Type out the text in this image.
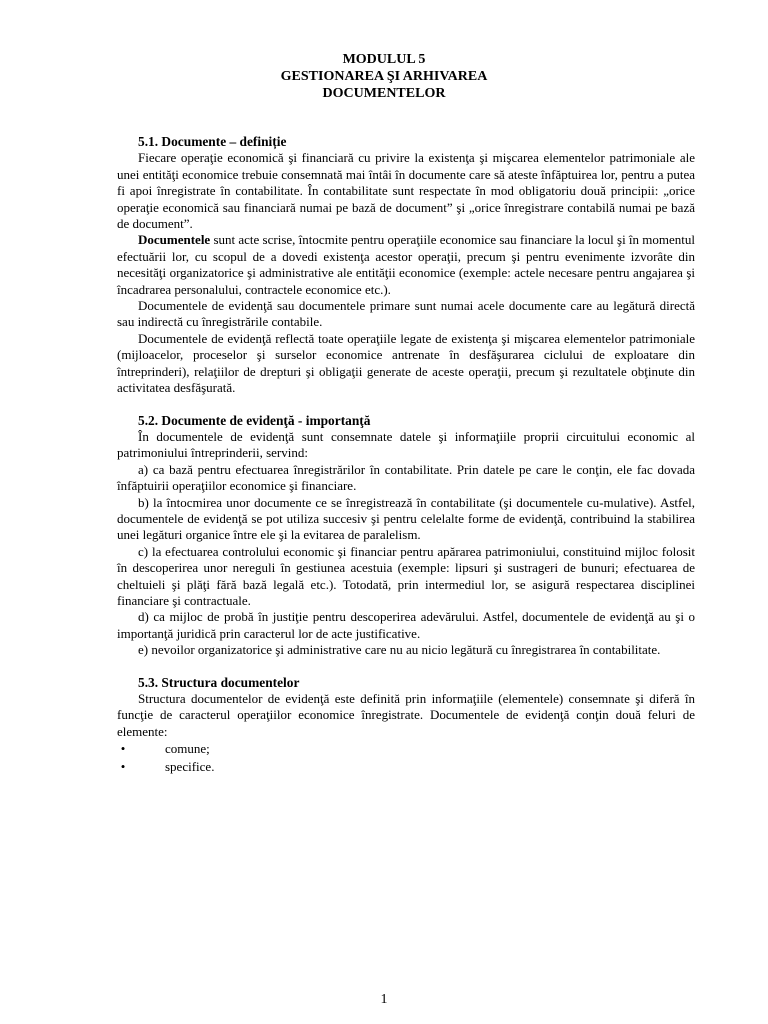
MODULUL 5
GESTIONAREA ŞI ARHIVAREA
DOCUMENTELOR
5.1. Documente – definiție

Fiecare operaţie economică şi financiară cu privire la existenţa şi mişcarea elementelor patrimoniale ale unei entităţi economice trebuie consemnată mai întâi în documente care să ateste înfăptuirea lor, pentru a putea fi apoi înregistrate în contabilitate. În contabilitate sunt respectate în mod obligatoriu două principii: „orice operaţie economică sau financiară numai pe bază de document” şi „orice înregistrare contabilă numai pe bază de document”.

Documentele sunt acte scrise, întocmite pentru operaţiile economice sau financiare la locul şi în momentul efectuării lor, cu scopul de a dovedi existenţa acestor operaţii, precum şi pentru evenimente izvorâte din necesităţi organizatorice şi administrative ale entităţii economice (exemple: actele necesare pentru angajarea şi încadrarea personalului, contractele economice etc.).

Documentele de evidenţă sau documentele primare sunt numai acele documente care au legătură directă sau indirectă cu înregistrările contabile.

Documentele de evidenţă reflectă toate operaţiile legate de existenţa şi mişcarea elementelor patrimoniale (mijloacelor, proceselor şi surselor economice antrenate în desfăşurarea ciclului de exploatare din întreprinderi), relaţiilor de drepturi şi obligaţii generate de aceste operaţii, precum şi rezultatele obţinute din activitatea desfăşurată.

5.2. Documente de evidenţă - importanţă

În documentele de evidenţă sunt consemnate datele şi informaţiile proprii circuitului economic al patrimoniului întreprinderii, servind:

a) ca bază pentru efectuarea înregistrărilor în contabilitate. Prin datele pe care le conţin, ele fac dovada înfăptuirii operaţiilor economice şi financiare.

b) la întocmirea unor documente ce se înregistrează în contabilitate (şi documentele cu-mulative). Astfel, documentele de evidenţă se pot utiliza succesiv şi pentru celelalte forme de evidenţă, contribuind la stabilirea unei legături organice între ele şi la evitarea de paralelism.

c) la efectuarea controlului economic şi financiar pentru apărarea patrimoniului, constituind mijloc folosit în descoperirea unor nereguli în gestiunea acestuia (exemple: lipsuri şi sustrageri de bunuri; efectuarea de cheltuieli şi plăţi fără bază legală etc.). Totodată, prin intermediul lor, se asigură respectarea disciplinei financiare şi contractuale.

d) ca mijloc de probă în justiţie pentru descoperirea adevărului. Astfel, documentele de evidenţă au şi o importanţă juridică prin caracterul lor de acte justificative.

e) nevoilor organizatorice şi administrative care nu au nicio legătură cu înregistrarea în contabilitate.

5.3. Structura documentelor

Structura documentelor de evidenţă este definită prin informaţiile (elementele) consemnate şi diferă în funcţie de caracterul operaţiilor economice înregistrate. Documentele de evidenţă conţin două feluri de elemente:

•	comune;
•	specifice.
1
